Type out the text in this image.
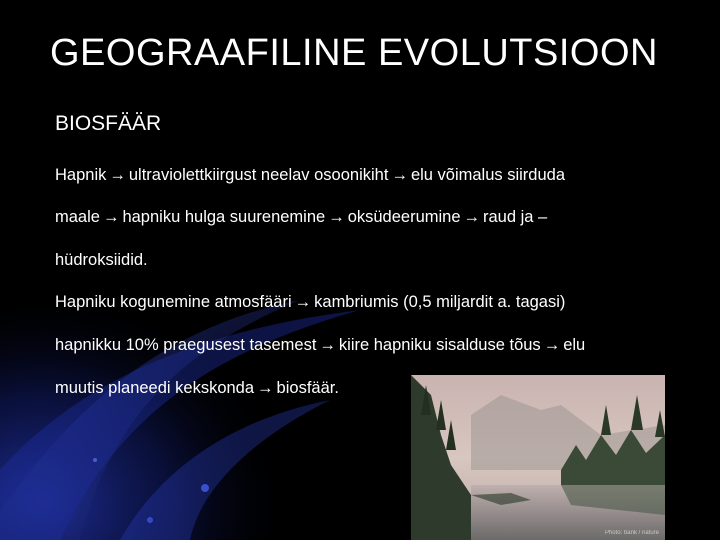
GEOGRAAFILINE EVOLUTSIOON
BIOSFÄÄR
Hapnik → ultraviolettkiirgust neelav osoonikiht → elu võimalus siirduda
maale → hapniku hulga suurenemine → oksüdeerumine → raud ja –
hüdroksiidid.
Hapniku kogunemine atmosfääri → kambriumis (0,5 miljardit a. tagasi)
hapnikku 10% praegusest tasemest → kiire hapniku sisalduse tõus → elu
muutis planeedi kekskonda → biosfäär.
Photo: bank / nature
